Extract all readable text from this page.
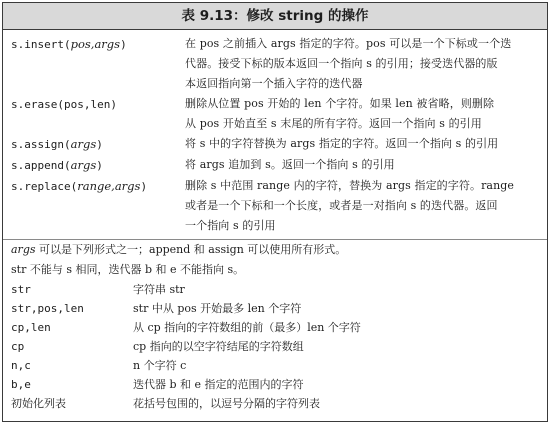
表 9.13：修改 string 的操作
s.insert(pos,args)	在 pos 之前插入 args 指定的字符。pos 可以是一个下标或一个迭
代器。接受下标的版本返回一个指向 s 的引用；接受迭代器的版
本返回指向第一个插入字符的迭代器
s.erase(pos,len)	删除从位置 pos 开始的 len 个字符。如果 len 被省略，则删除
从 pos 开始直至 s 末尾的所有字符。返回一个指向 s 的引用
s.assign(args)	将 s 中的字符替换为 args 指定的字符。返回一个指向 s 的引用
s.append(args)	将 args 追加到 s。返回一个指向 s 的引用
s.replace(range,args)	删除 s 中范围 range 内的字符，替换为 args 指定的字符。range
或者是一个下标和一个长度，或者是一对指向 s 的迭代器。返回
一个指向 s 的引用
args 可以是下列形式之一；append 和 assign 可以使用所有形式。
str 不能与 s 相同，迭代器 b 和 e 不能指向 s。
str	字符串 str
str,pos,len	str 中从 pos 开始最多 len 个字符
cp,len	从 cp 指向的字符数组的前（最多）len 个字符
cp	cp 指向的以空字符结尾的字符数组
n,c	n 个字符 c
b,e	迭代器 b 和 e 指定的范围内的字符
初始化列表	花括号包围的，以逗号分隔的字符列表
